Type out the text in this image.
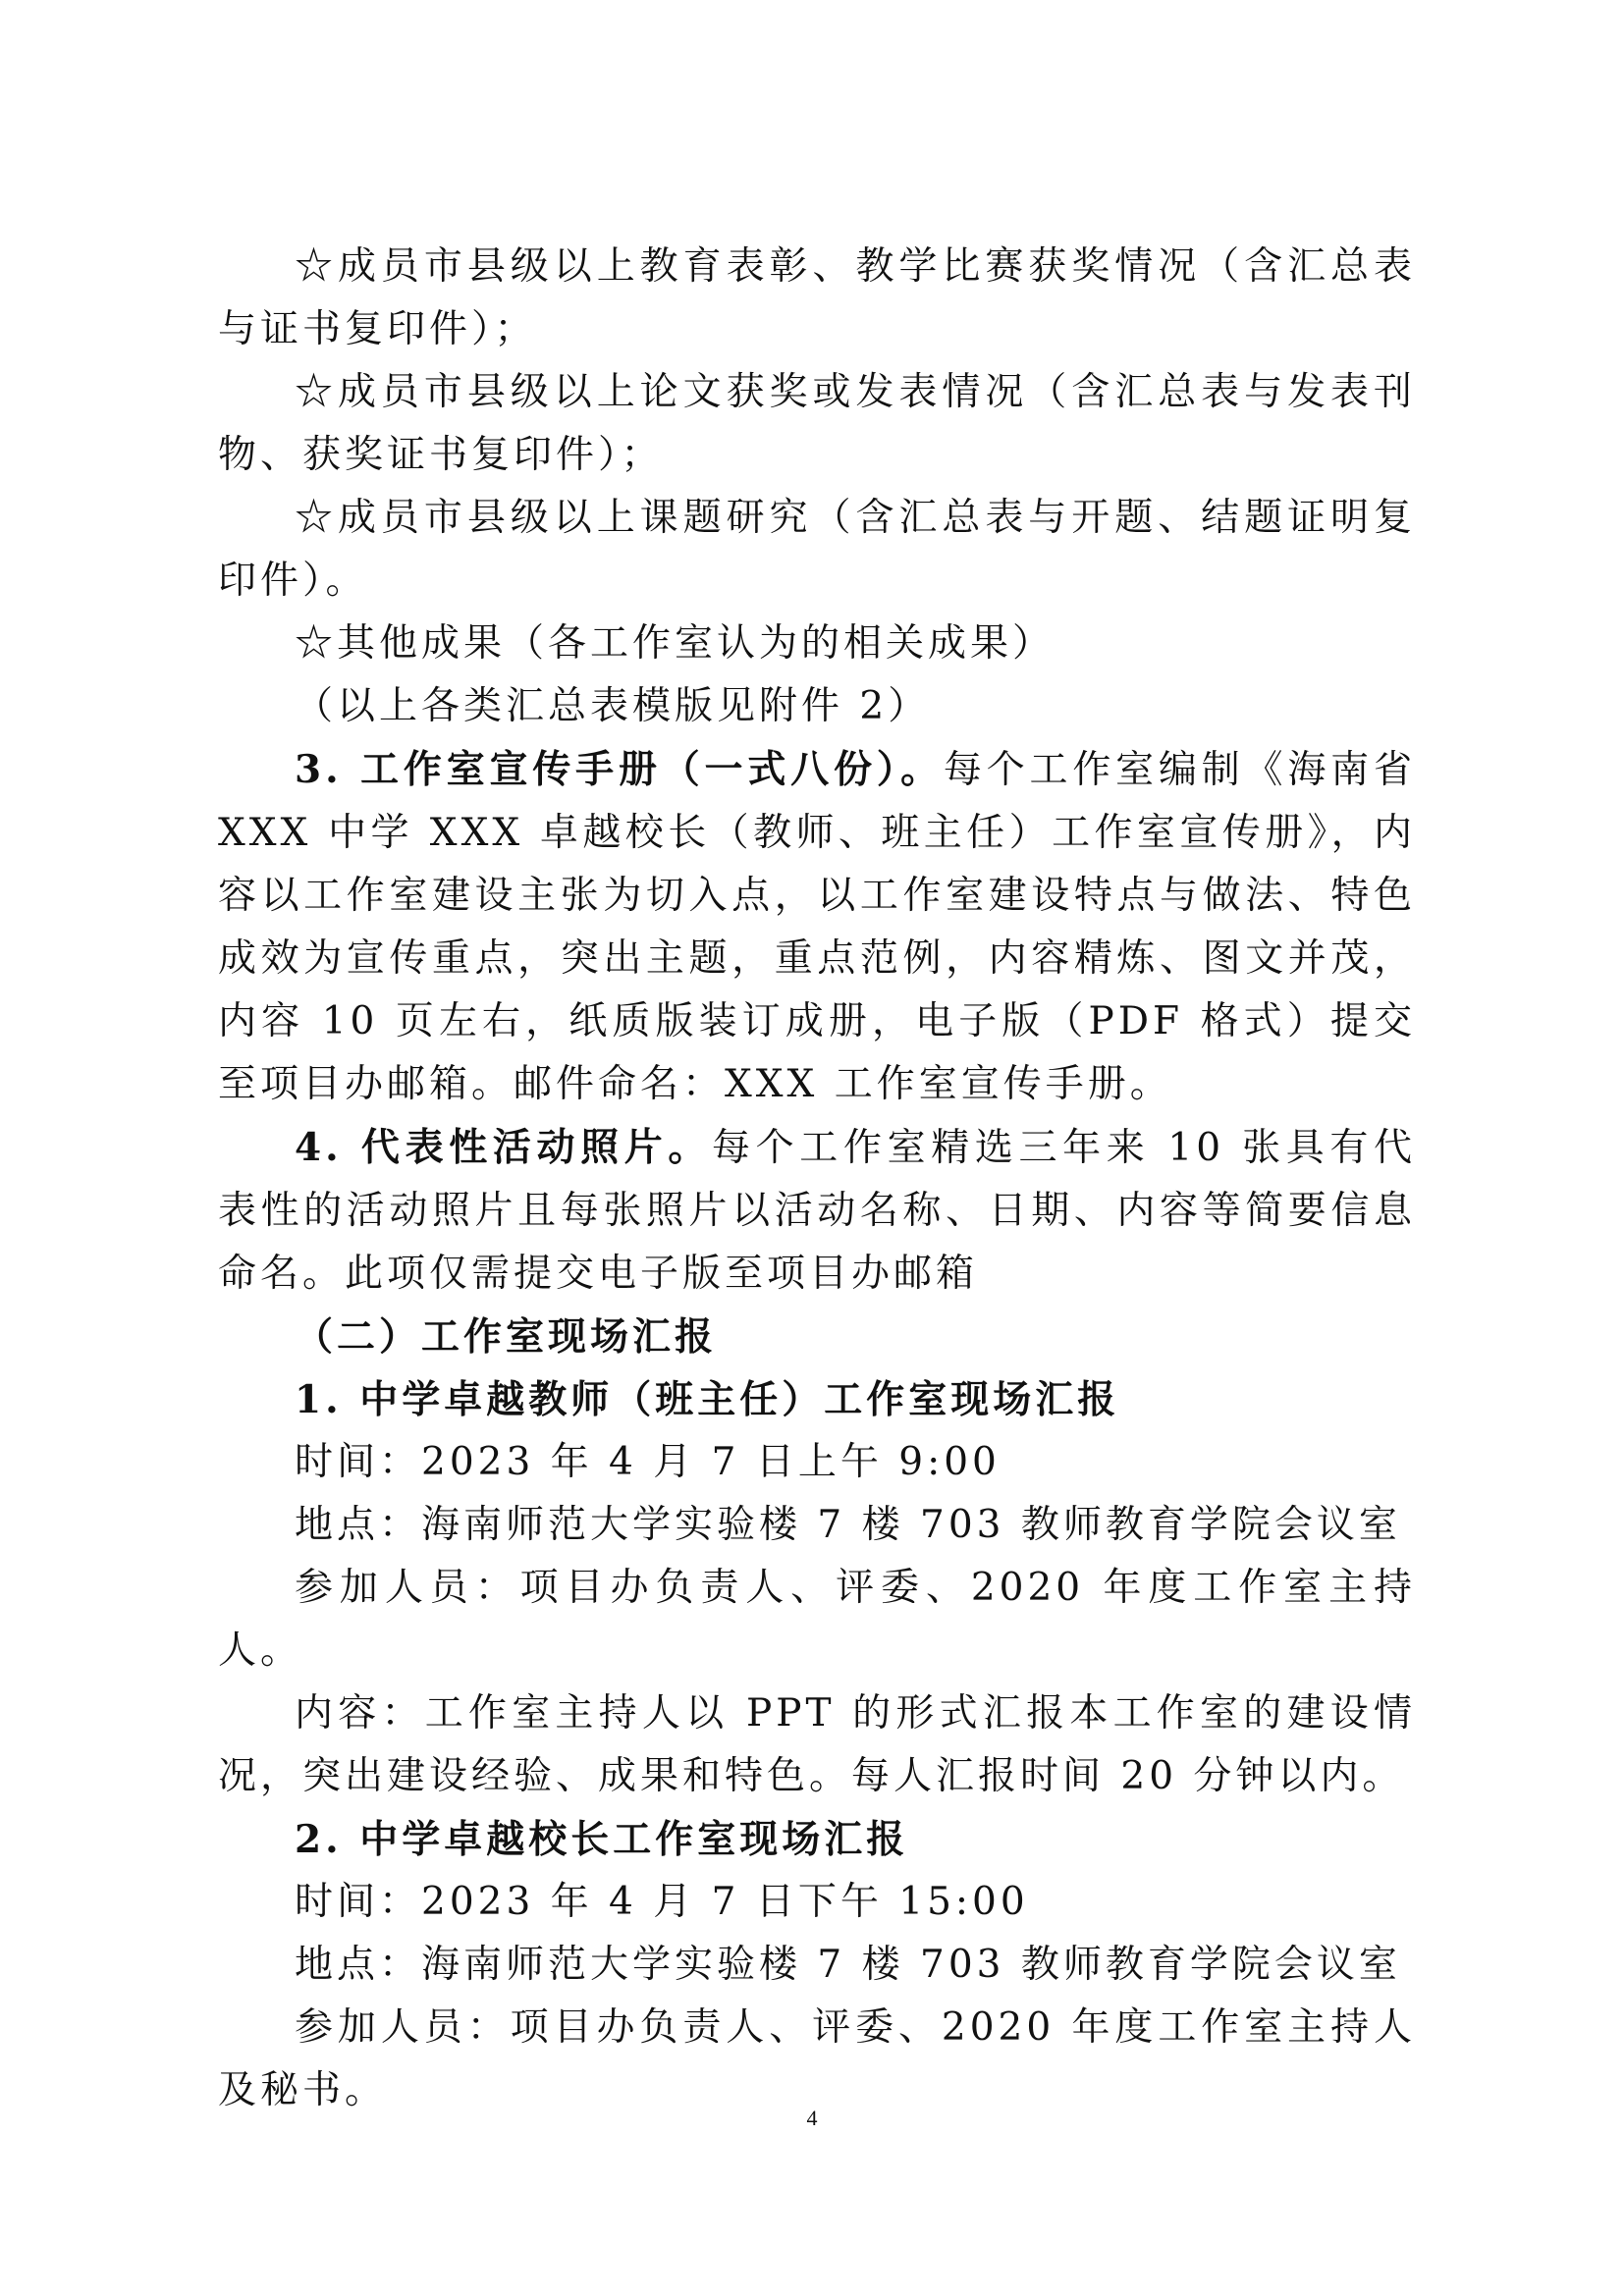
☆成员市县级以上教育表彰、教学比赛获奖情况（含汇总表与证书复印件）；

☆成员市县级以上论文获奖或发表情况（含汇总表与发表刊物、获奖证书复印件）；

☆成员市县级以上课题研究（含汇总表与开题、结题证明复印件）。

☆其他成果（各工作室认为的相关成果）

（以上各类汇总表模版见附件 2）

3. 工作室宣传手册（一式八份）。每个工作室编制《海南省 XXX 中学 XXX 卓越校长（教师、班主任）工作室宣传册》，内容以工作室建设主张为切入点，以工作室建设特点与做法、特色成效为宣传重点，突出主题，重点范例，内容精炼、图文并茂，内容 10 页左右，纸质版装订成册，电子版（PDF 格式）提交至项目办邮箱。邮件命名：XXX 工作室宣传手册。

4. 代表性活动照片。每个工作室精选三年来 10 张具有代表性的活动照片且每张照片以活动名称、日期、内容等简要信息命名。此项仅需提交电子版至项目办邮箱

（二）工作室现场汇报

1. 中学卓越教师（班主任）工作室现场汇报

时间：2023 年 4 月 7 日上午 9:00

地点：海南师范大学实验楼 7 楼 703 教师教育学院会议室

参加人员：项目办负责人、评委、2020 年度工作室主持人。

内容：工作室主持人以 PPT 的形式汇报本工作室的建设情况，突出建设经验、成果和特色。每人汇报时间 20 分钟以内。

2. 中学卓越校长工作室现场汇报

时间：2023 年 4 月 7 日下午 15:00

地点：海南师范大学实验楼 7 楼 703 教师教育学院会议室

参加人员：项目办负责人、评委、2020 年度工作室主持人及秘书。

4
